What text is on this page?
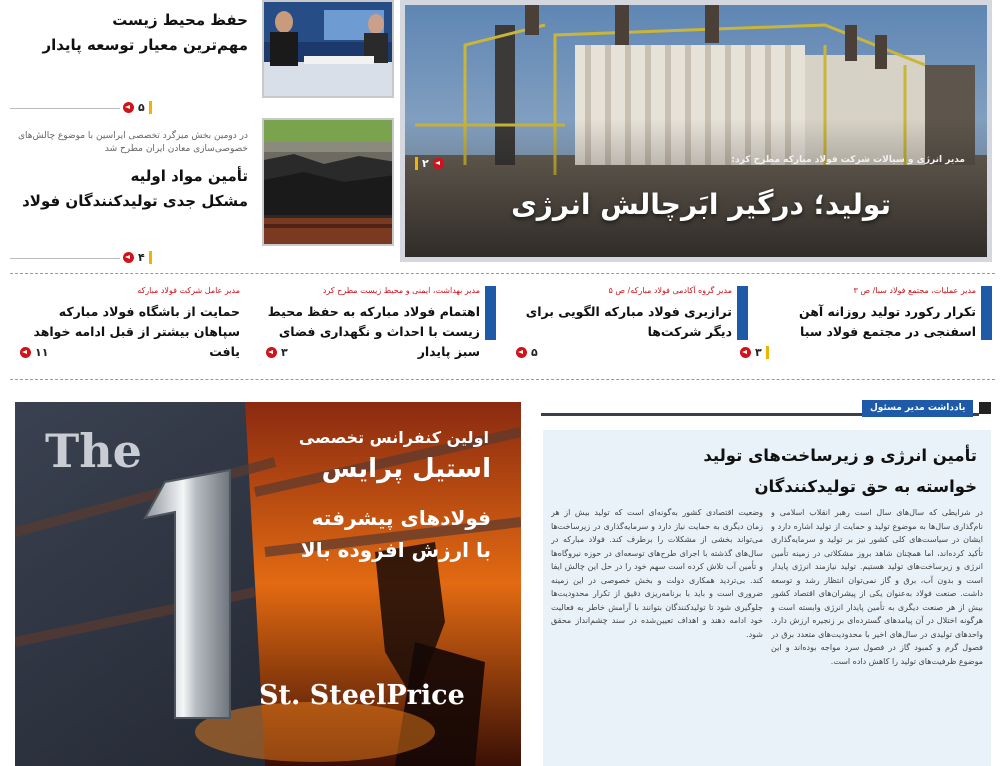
حفظ محیط زیست
مهم‌ترین معیار توسعه پایدار
۵
در دومین بخش میزگرد تخصصی ایراسین با موضوع چالش‌های خصوصی‌سازی معادن ایران مطرح شد
تأمین مواد اولیه
مشکل جدی تولیدکنندگان فولاد
۴
۲	مدیر انرژی و سیالات شرکت فولاد مبارکه مطرح کرد:
تولید؛ درگیر ابَرچالش انرژی
مدیر عملیات، مجتمع فولاد سبا/ ص ۳
تکرار رکورد تولید روزانه آهن اسفنجی در مجتمع فولاد سبا
۳
مدیر گروه آکادمی فولاد مبارکه/ ص ۵
ترازیری فولاد مبارکه الگویی برای دیگر شرکت‌ها
۵
مدیر بهداشت، ایمنی و محیط زیست مطرح کرد
اهتمام فولاد مبارکه به حفظ محیط زیست با احداث و نگهداری فضای سبز پایدار
۳
مدیر عامل شرکت فولاد مبارکه
حمایت از باشگاه فولاد مبارکه سپاهان بیشتر از قبل ادامه خواهد یافت
۱۱
The	اولین کنفرانس تخصصی
استیل پرایس
فولادهای پیشرفته
با ارزش افزوده بالا
St. SteelPrice
یادداشت مدیر مسئول
تأمین انرژی و زیرساخت‌های تولید
خواسته به حق تولیدکنندگان
در شرایطی که سال‌های سال است رهبر انقلاب اسلامی و نام‌گذاری سال‌ها به موضوع تولید و حمایت از تولید اشاره دارد و ایشان در سیاست‌های کلی کشور نیز بر تولید و سرمایه‌گذاری تأکید کرده‌اند، اما همچنان شاهد بروز مشکلاتی در زمینه تأمین انرژی و زیرساخت‌های تولید هستیم. تولید نیازمند انرژی پایدار است و بدون آب، برق و گاز نمی‌توان انتظار رشد و توسعه داشت. صنعت فولاد به‌عنوان یکی از پیشران‌های اقتصاد کشور بیش از هر صنعت دیگری به تأمین پایدار انرژی وابسته است و هرگونه اختلال در آن پیامدهای گسترده‌ای بر زنجیره ارزش دارد. واحدهای تولیدی در سال‌های اخیر با محدودیت‌های متعدد برق در فصول گرم و کمبود گاز در فصول سرد مواجه بوده‌اند و این موضوع ظرفیت‌های تولید را کاهش داده است.
وضعیت اقتصادی کشور به‌گونه‌ای است که تولید بیش از هر زمان دیگری به حمایت نیاز دارد و سرمایه‌گذاری در زیرساخت‌ها می‌تواند بخشی از مشکلات را برطرف کند. فولاد مبارکه در سال‌های گذشته با اجرای طرح‌های توسعه‌ای در حوزه نیروگاه‌ها و تأمین آب تلاش کرده است سهم خود را در حل این چالش ایفا کند. بی‌تردید همکاری دولت و بخش خصوصی در این زمینه ضروری است و باید با برنامه‌ریزی دقیق از تکرار محدودیت‌ها جلوگیری شود تا تولیدکنندگان بتوانند با آرامش خاطر به فعالیت خود ادامه دهند و اهداف تعیین‌شده در سند چشم‌انداز محقق شود.
